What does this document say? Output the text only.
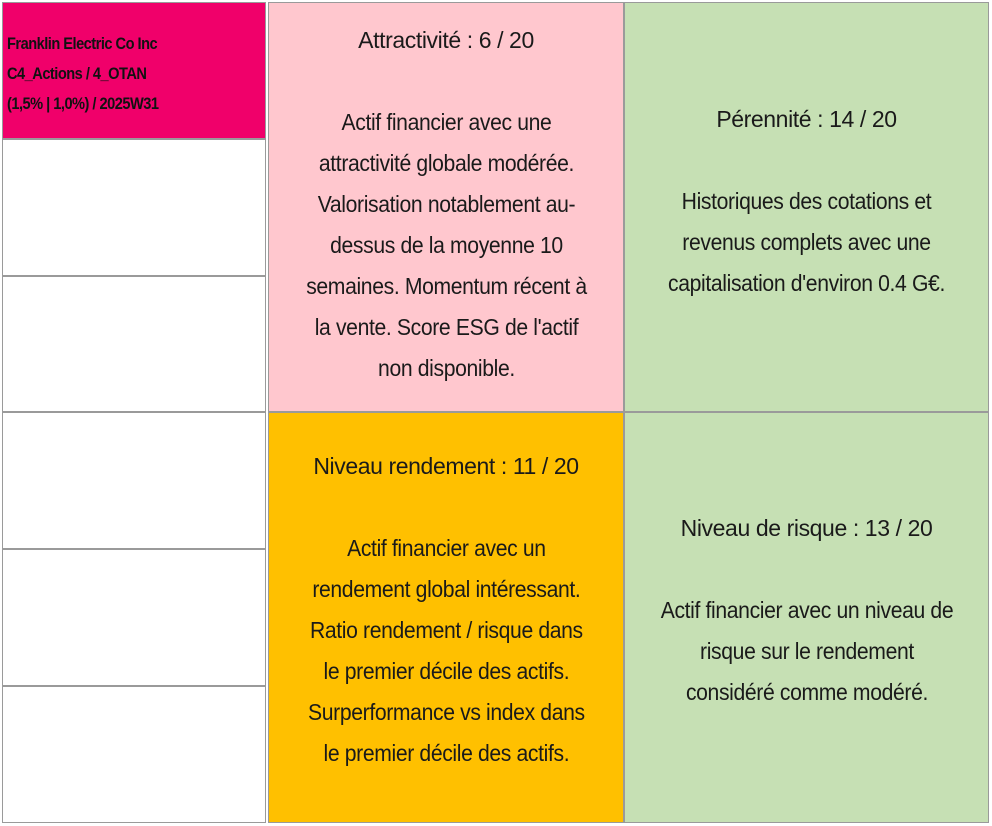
Franklin Electric Co Inc
C4_Actions / 4_OTAN
(1,5% | 1,0%) / 2025W31
Attractivité : 6 / 20
Actif financier avec une
attractivité globale modérée.
Valorisation notablement au-
dessus de la moyenne 10
semaines. Momentum récent à
la vente. Score ESG de l'actif
non disponible.
Pérennité : 14 / 20
Historiques des cotations et
revenus complets avec une
capitalisation d'environ 0.4 G€.
Niveau rendement : 11 / 20
Actif financier avec un
rendement global intéressant.
Ratio rendement / risque dans
le premier décile des actifs.
Surperformance vs index dans
le premier décile des actifs.
Niveau de risque : 13 / 20
Actif financier avec un niveau de
risque sur le rendement
considéré comme modéré.
